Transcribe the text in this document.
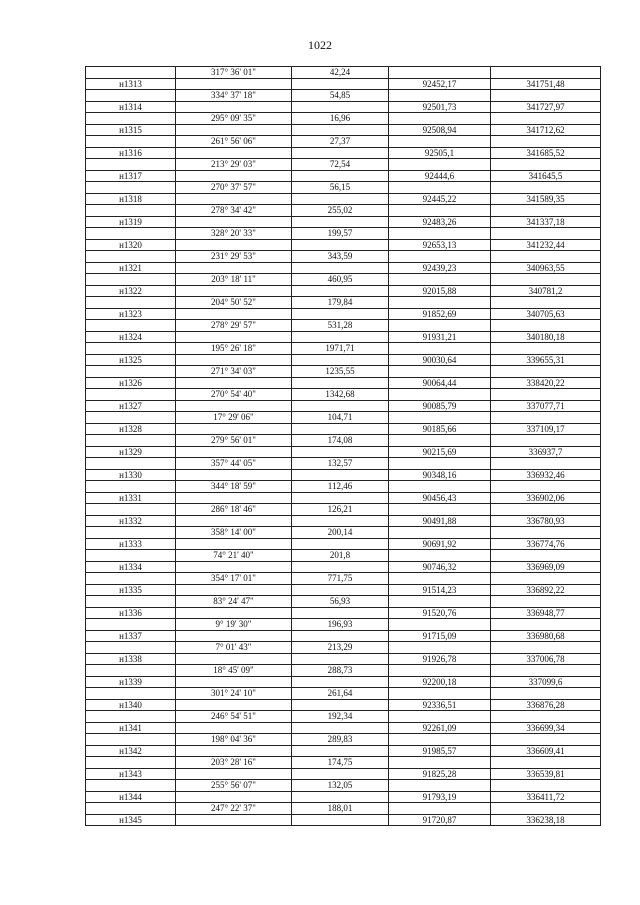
1022
	317° 36' 01"	42,24		
н1313			92452,17	341751,48
	334° 37' 18"	54,85		
н1314			92501,73	341727,97
	295° 09' 35"	16,96		
н1315			92508,94	341712,62
	261° 56' 06"	27,37		
н1316			92505,1	341685,52
	213° 29' 03"	72,54		
н1317			92444,6	341645,5
	270° 37' 57"	56,15		
н1318			92445,22	341589,35
	278° 34' 42"	255,02		
н1319			92483,26	341337,18
	328° 20' 33"	199,57		
н1320			92653,13	341232,44
	231° 29' 53"	343,59		
н1321			92439,23	340963,55
	203° 18' 11"	460,95		
н1322			92015,88	340781,2
	204° 50' 52"	179,84		
н1323			91852,69	340705,63
	278° 29' 57"	531,28		
н1324			91931,21	340180,18
	195° 26' 18"	1971,71		
н1325			90030,64	339655,31
	271° 34' 03"	1235,55		
н1326			90064,44	338420,22
	270° 54' 40"	1342,68		
н1327			90085,79	337077,71
	17° 29' 06"	104,71		
н1328			90185,66	337109,17
	279° 56' 01"	174,08		
н1329			90215,69	336937,7
	357° 44' 05"	132,57		
н1330			90348,16	336932,46
	344° 18' 59"	112,46		
н1331			90456,43	336902,06
	286° 18' 46"	126,21		
н1332			90491,88	336780,93
	358° 14' 00"	200,14		
н1333			90691,92	336774,76
	74° 21' 40"	201,8		
н1334			90746,32	336969,09
	354° 17' 01"	771,75		
н1335			91514,23	336892,22
	83° 24' 47"	56,93		
н1336			91520,76	336948,77
	9° 19' 30"	196,93		
н1337			91715,09	336980,68
	7° 01' 43"	213,29		
н1338			91926,78	337006,78
	18° 45' 09"	288,73		
н1339			92200,18	337099,6
	301° 24' 10"	261,64		
н1340			92336,51	336876,28
	246° 54' 51"	192,34		
н1341			92261,09	336699,34
	198° 04' 36"	289,83		
н1342			91985,57	336609,41
	203° 28' 16"	174,75		
н1343			91825,28	336539,81
	255° 56' 07"	132,05		
н1344			91793,19	336411,72
	247° 22' 37"	188,01		
н1345			91720,87	336238,18
